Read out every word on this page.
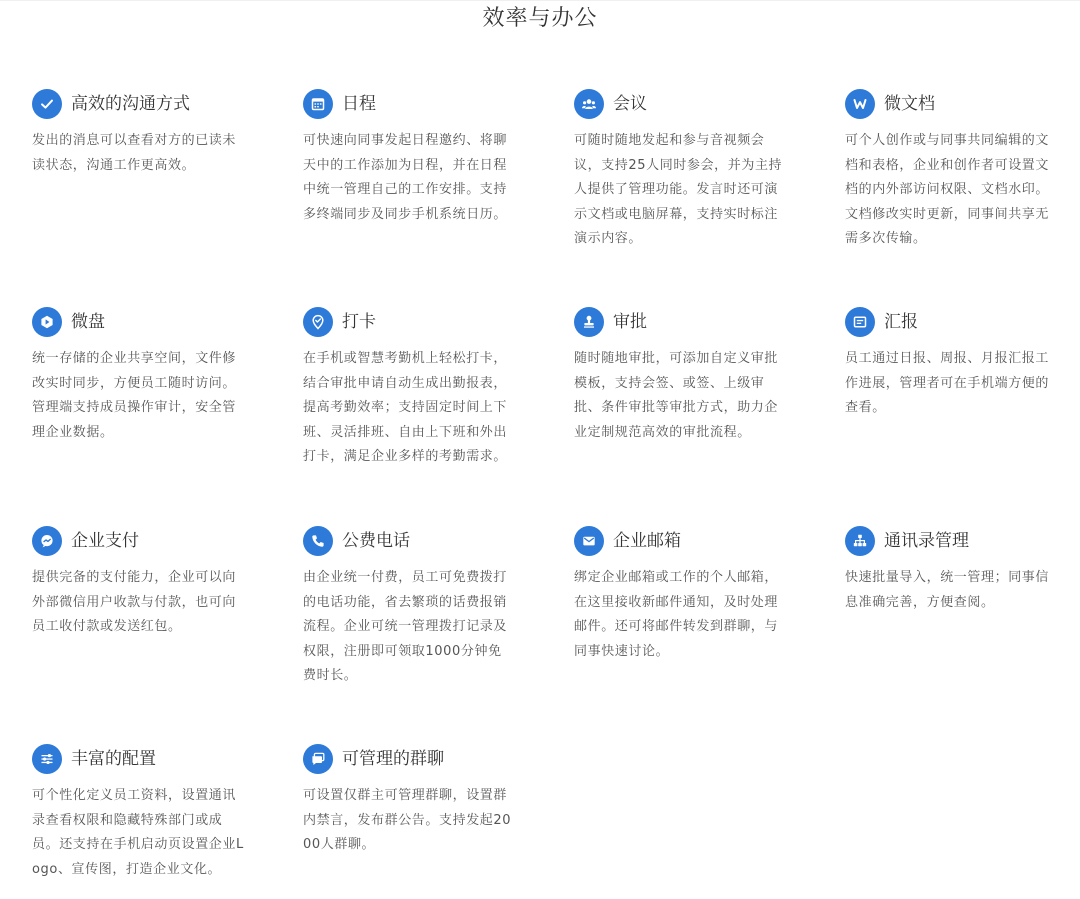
效率与办公
高效的沟通方式

发出的消息可以查看对方的已读未读状态，沟通工作更高效。

日程

可快速向同事发起日程邀约、将聊天中的工作添加为日程，并在日程中统一管理自己的工作安排。支持多终端同步及同步手机系统日历。

会议

可随时随地发起和参与音视频会议，支持25人同时参会，并为主持人提供了管理功能。发言时还可演示文档或电脑屏幕，支持实时标注演示内容。

微文档

可个人创作或与同事共同编辑的文档和表格，企业和创作者可设置文档的内外部访问权限、文档水印。文档修改实时更新，同事间共享无需多次传输。

微盘

统一存储的企业共享空间，文件修改实时同步，方便员工随时访问。管理端支持成员操作审计，安全管理企业数据。

打卡

在手机或智慧考勤机上轻松打卡，结合审批申请自动生成出勤报表，提高考勤效率；支持固定时间上下班、灵活排班、自由上下班和外出打卡，满足企业多样的考勤需求。

审批

随时随地审批，可添加自定义审批模板，支持会签、或签、上级审批、条件审批等审批方式，助力企业定制规范高效的审批流程。

汇报

员工通过日报、周报、月报汇报工作进展，管理者可在手机端方便的查看。

企业支付

提供完备的支付能力，企业可以向外部微信用户收款与付款，也可向员工收付款或发送红包。

公费电话

由企业统一付费，员工可免费拨打的电话功能，省去繁琐的话费报销流程。企业可统一管理拨打记录及权限，注册即可领取1000分钟免费时长。

企业邮箱

绑定企业邮箱或工作的个人邮箱，在这里接收新邮件通知，及时处理邮件。还可将邮件转发到群聊，与同事快速讨论。

通讯录管理

快速批量导入，统一管理；同事信息准确完善，方便查阅。

丰富的配置

可个性化定义员工资料，设置通讯录查看权限和隐藏特殊部门或成员。还支持在手机启动页设置企业Logo、宣传图，打造企业文化。

可管理的群聊

可设置仅群主可管理群聊，设置群内禁言，发布群公告。支持发起2000人群聊。
